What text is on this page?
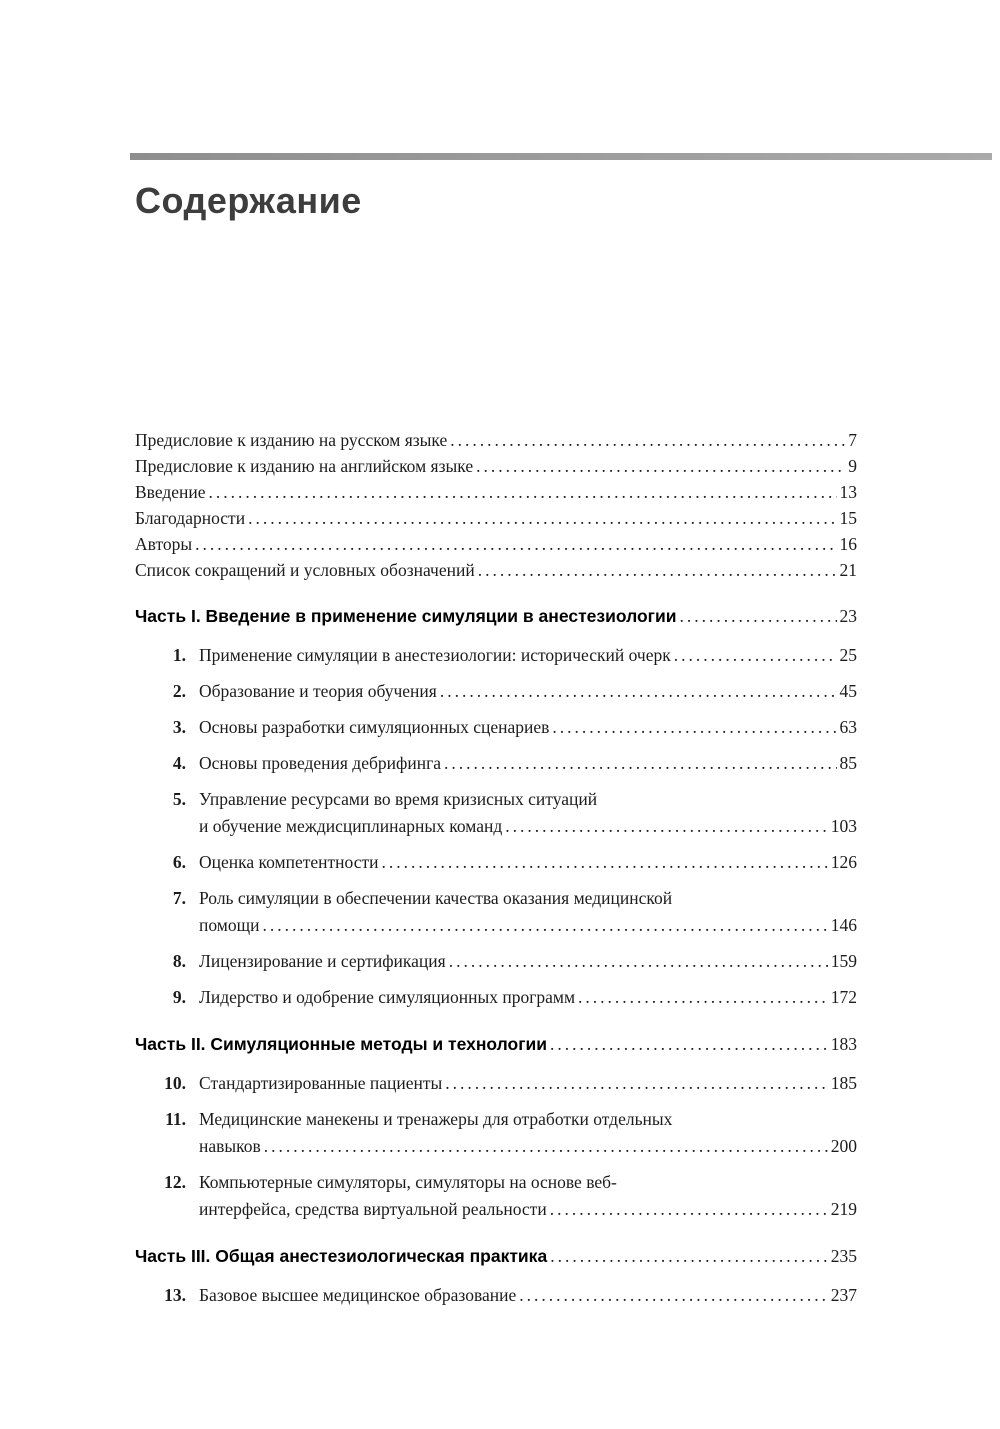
Содержание
Предисловие к изданию на русском языке .....	7
Предисловие к изданию на английском языке .....	9
Введение .....	13
Благодарности .....	15
Авторы .....	16
Список сокращений и условных обозначений .....	21
Часть I. Введение в применение симуляции в анестезиологии .....	23
1. Применение симуляции в анестезиологии: исторический очерк .....	25
2. Образование и теория обучения .....	45
3. Основы разработки симуляционных сценариев .....	63
4. Основы проведения дебрифинга .....	85
5. Управление ресурсами во время кризисных ситуаций
и обучение междисциплинарных команд .....	103
6. Оценка компетентности .....	126
7. Роль симуляции в обеспечении качества оказания медицинской
помощи .....	146
8. Лицензирование и сертификация .....	159
9. Лидерство и одобрение симуляционных программ .....	172
Часть II. Симуляционные методы и технологии .....	183
10. Стандартизированные пациенты .....	185
11. Медицинские манекены и тренажеры для отработки отдельных
навыков .....	200
12. Компьютерные симуляторы, симуляторы на основе веб-
интерфейса, средства виртуальной реальности .....	219
Часть III. Общая анестезиологическая практика .....	235
13. Базовое высшее медицинское образование .....	237
